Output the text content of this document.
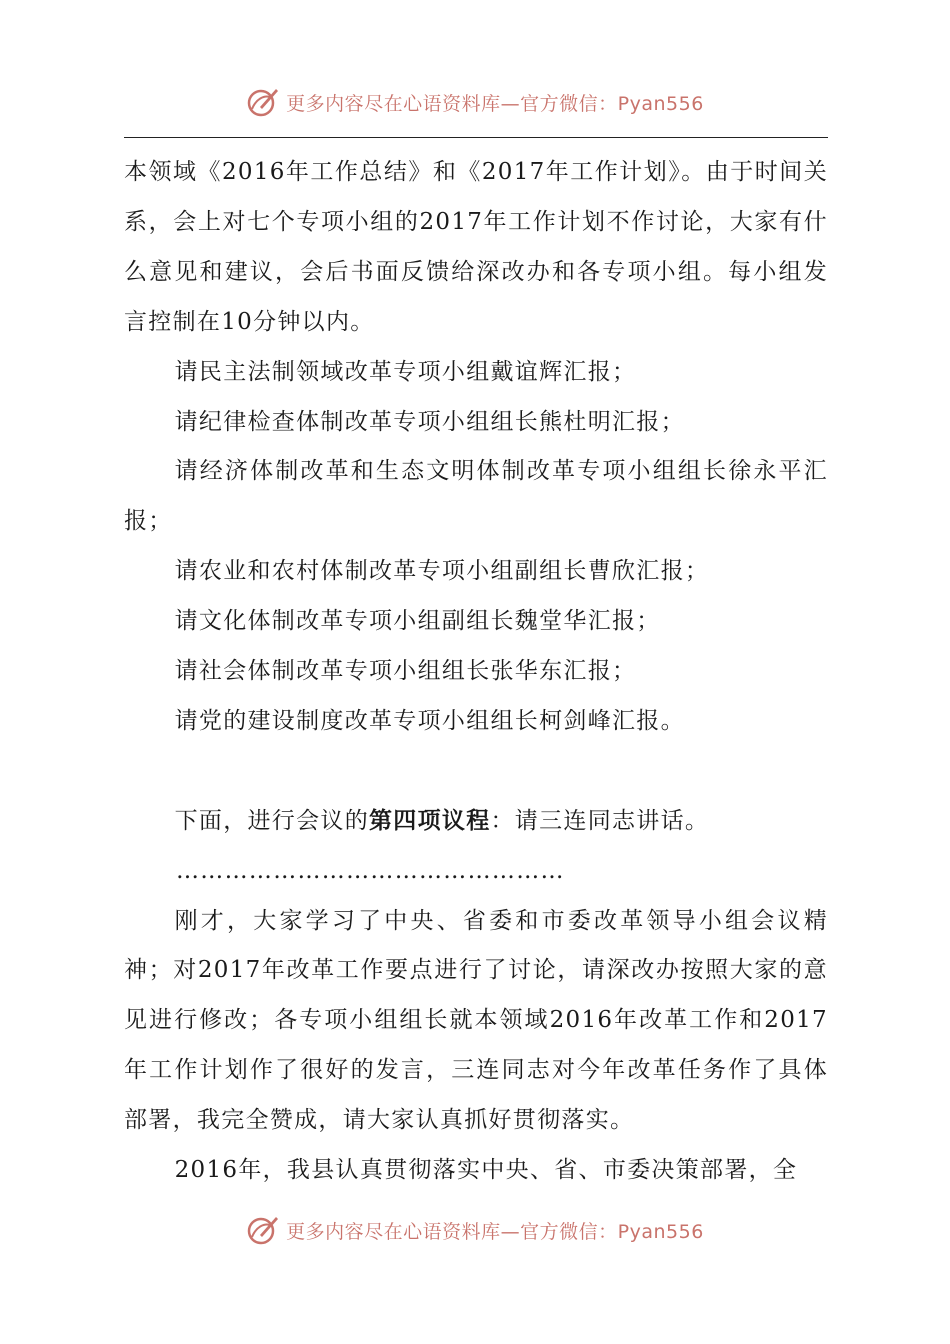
更多内容尽在心语资料库—官方微信：Pyan556

本领域《2016年工作总结》和《2017年工作计划》。由于时间关系，会上对七个专项小组的2017年工作计划不作讨论，大家有什么意见和建议，会后书面反馈给深改办和各专项小组。每小组发言控制在10分钟以内。

请民主法制领域改革专项小组戴谊辉汇报；

请纪律检查体制改革专项小组组长熊杜明汇报；

请经济体制改革和生态文明体制改革专项小组组长徐永平汇报；

请农业和农村体制改革专项小组副组长曹欣汇报；

请文化体制改革专项小组副组长魏堂华汇报；

请社会体制改革专项小组组长张华东汇报；

请党的建设制度改革专项小组组长柯剑峰汇报。

下面，进行会议的第四项议程：请三连同志讲话。

…………………………………………

刚才，大家学习了中央、省委和市委改革领导小组会议精神；对2017年改革工作要点进行了讨论，请深改办按照大家的意见进行修改；各专项小组组长就本领域2016年改革工作和2017年工作计划作了很好的发言，三连同志对今年改革任务作了具体部署，我完全赞成，请大家认真抓好贯彻落实。

2016年，我县认真贯彻落实中央、省、市委决策部署，全

更多内容尽在心语资料库—官方微信：Pyan556
